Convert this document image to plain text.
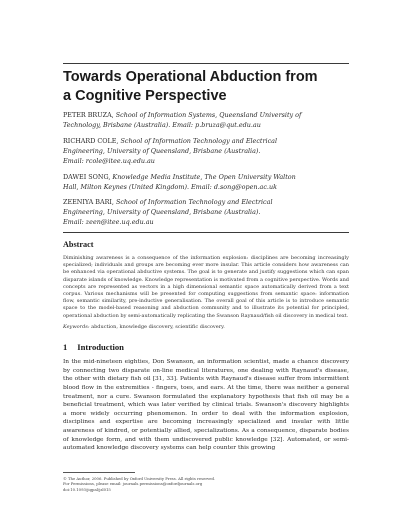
Towards Operational Abduction from
a Cognitive Perspective
PETER BRUZA, School of Information Systems, Queensland University of
Technology, Brisbane (Australia). Email: p.bruza@qut.edu.au
RICHARD COLE, School of Information Technology and Electrical
Engineering, University of Queensland, Brisbane (Australia).
Email: rcole@itee.uq.edu.au
DAWEI SONG, Knowledge Media Institute, The Open University Walton
Hall, Milton Keynes (United Kingdom). Email: d.song@open.ac.uk
ZEENIYA BARI, School of Information Technology and Electrical
Engineering, University of Queensland, Brisbane (Australia).
Email: zeen@itee.uq.edu.au
Abstract
Diminishing awareness is a consequence of the information explosion: disciplines are becoming increasingly specialized; individuals and groups are becoming ever more insular. This article considers how awareness can be enhanced via operational abductive systems. The goal is to generate and justify suggestions which can span disparate islands of knowledge. Knowledge representation is motivated from a cognitive perspective. Words and concepts are represented as vectors in a high dimensional semantic space automatically derived from a text corpus. Various mechanisms will be presented for computing suggestions from semantic space: information flow, semantic similarity, pre-inductive generalisation. The overall goal of this article is to introduce semantic space to the model-based reasoning and abduction community and to illustrate its potential for principled, operational abduction by semi-automatically replicating the Swanson Raynaud/fish oil discovery in medical text.
Keywords: abduction, knowledge discovery, scientific discovery.
1 Introduction
In the mid-nineteen eighties, Don Swanson, an information scientist, made a chance discovery by connecting two disparate on-line medical literatures, one dealing with Raynaud's disease, the other with dietary fish oil [31, 33]. Patients with Raynaud's disease suffer from intermittent blood flow in the extremities - fingers, toes, and ears. At the time, there was neither a general treatment, nor a cure. Swanson formulated the explanatory hypothesis that fish oil may be a beneficial treatment, which was later verified by clinical trials. Swanson's discovery highlights a more widely occurring phenomenon. In order to deal with the information explosion, disciplines and expertise are becoming increasingly specialized and insular with little awareness of kindred, or potentially allied, specializations. As a consequence, disparate bodies of knowledge form, and with them undiscovered public knowledge [32]. Automated, or semi-automated knowledge discovery systems can help counter this growing
© The Author, 2006. Published by Oxford University Press. All rights reserved.
For Permissions, please email: journals.permissions@oxfordjournals.org
doi:10.1093/jigpal/jzl015
